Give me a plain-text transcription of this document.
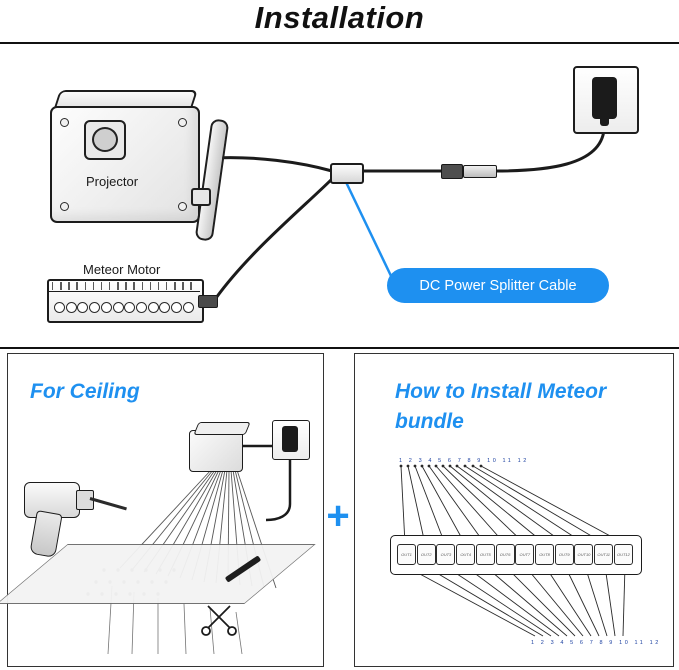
Installation
Projector
Meteor Motor
DC Power Splitter Cable
For Ceiling
+
How to Install Meteor
bundle
1 2 3 4 5 6 7 8 9 10 11 12
1 2 3 4 5 6 7 8 9 10 11 12
OUT1	OUT2	OUT3	OUT4	OUT5	OUT6	OUT7	OUT8	OUT9	OUT10	OUT11	OUT12
